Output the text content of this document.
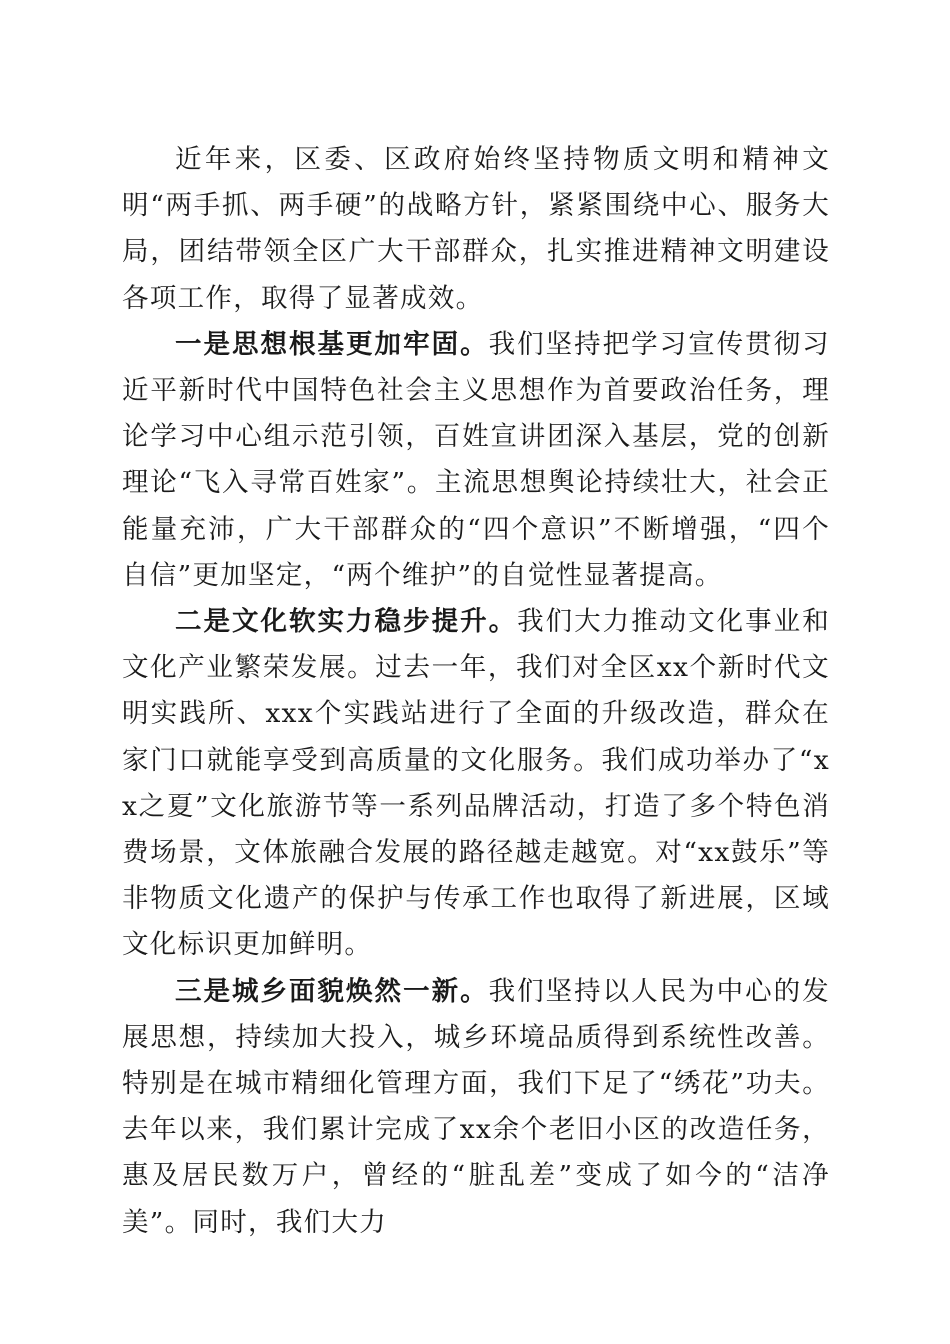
近年来，区委、区政府始终坚持物质文明和精神文明“两手抓、两手硬”的战略方针，紧紧围绕中心、服务大局，团结带领全区广大干部群众，扎实推进精神文明建设各项工作，取得了显著成效。

一是思想根基更加牢固。我们坚持把学习宣传贯彻习近平新时代中国特色社会主义思想作为首要政治任务，理论学习中心组示范引领，百姓宣讲团深入基层，党的创新理论“飞入寻常百姓家”。主流思想舆论持续壮大，社会正能量充沛，广大干部群众的“四个意识”不断增强，“四个自信”更加坚定，“两个维护”的自觉性显著提高。

二是文化软实力稳步提升。我们大力推动文化事业和文化产业繁荣发展。过去一年，我们对全区xx个新时代文明实践所、xxx个实践站进行了全面的升级改造，群众在家门口就能享受到高质量的文化服务。我们成功举办了“xx之夏”文化旅游节等一系列品牌活动，打造了多个特色消费场景，文体旅融合发展的路径越走越宽。对“xx鼓乐”等非物质文化遗产的保护与传承工作也取得了新进展，区域文化标识更加鲜明。

三是城乡面貌焕然一新。我们坚持以人民为中心的发展思想，持续加大投入，城乡环境品质得到系统性改善。特别是在城市精细化管理方面，我们下足了“绣花”功夫。去年以来，我们累计完成了xx余个老旧小区的改造任务，惠及居民数万户，曾经的“脏乱差”变成了如今的“洁净美”。同时，我们大力
